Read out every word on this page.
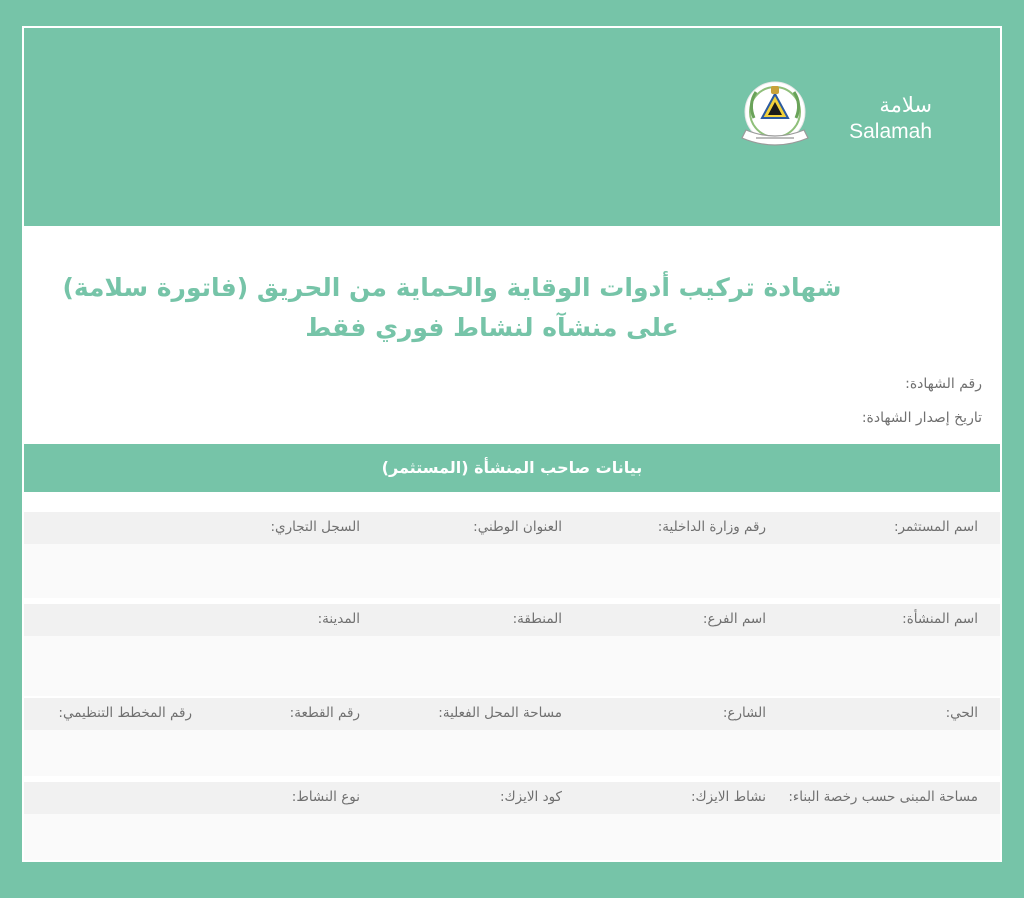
سلامة
Salamah
شهادة تركيب أدوات الوقاية والحماية من الحريق (فاتورة سلامة)
على منشآه لنشاط فوري فقط
رقم الشهادة:
تاريخ إصدار الشهادة:
بيانات صاحب المنشأة (المستثمر)
اسم المستثمر:
رقم وزارة الداخلية:
العنوان الوطني:
السجل التجاري:
اسم المنشأة:
اسم الفرع:
المنطقة:
المدينة:
الحي:
الشارع:
مساحة المحل الفعلية:
رقم القطعة:
رقم المخطط التنظيمي:
مساحة المبنى حسب رخصة البناء:
نشاط الايزك:
كود الايزك:
نوع النشاط:
